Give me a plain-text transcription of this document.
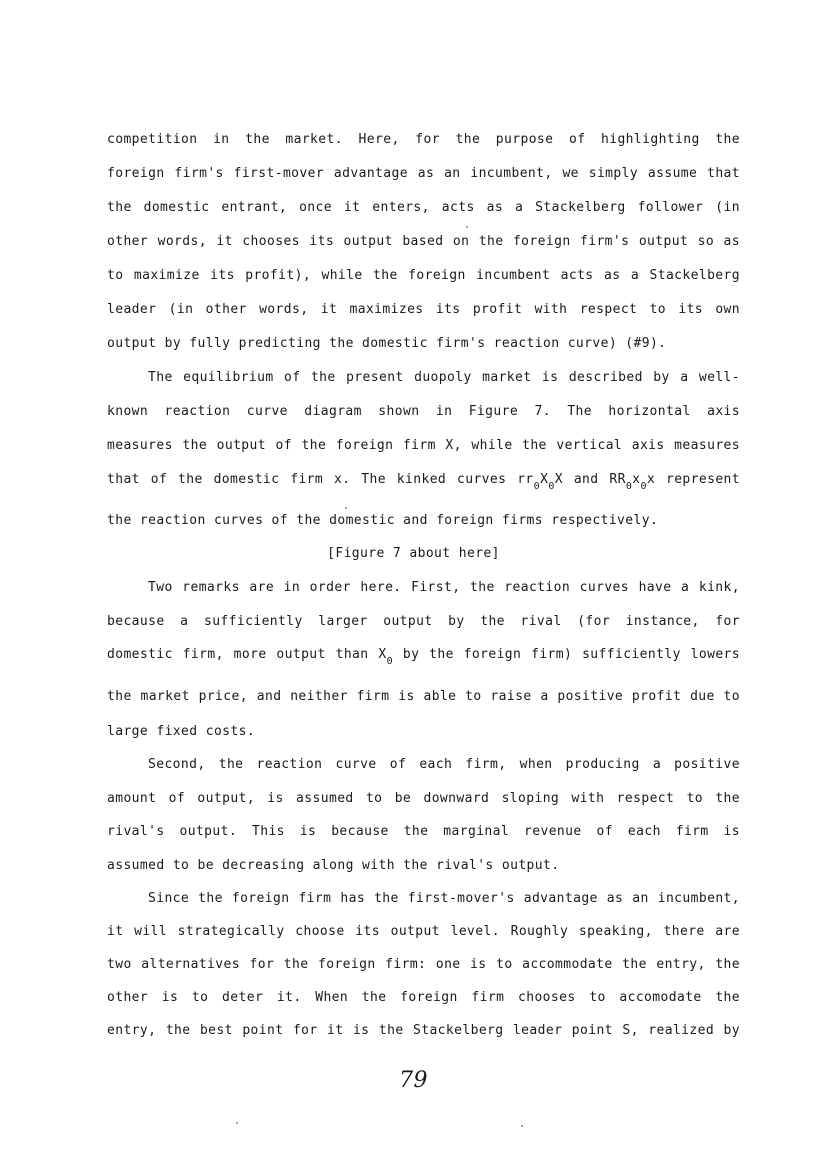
competition in the market. Here, for the purpose of highlighting the
foreign firm's first-mover advantage as an incumbent, we simply assume that
the domestic entrant, once it enters, acts as a Stackelberg follower (in
other words, it chooses its output based on the foreign firm's output so as
to maximize its profit), while the foreign incumbent acts as a Stackelberg
leader (in other words, it maximizes its profit with respect to its own
output by fully predicting the domestic firm's reaction curve) (#9).
The equilibrium of the present duopoly market is described by a well-
known reaction curve diagram shown in Figure 7. The horizontal axis
measures the output of the foreign firm X, while the vertical axis measures
that of the domestic firm x. The kinked curves $rr_0X_0X$ and $RR_0x_0x$ represent
the reaction curves of the domestic and foreign firms respectively.
[Figure 7 about here]
Two remarks are in order here. First, the reaction curves have a kink,
because a sufficiently larger output by the rival (for instance, for
domestic firm, more output than $X_0$ by the foreign firm) sufficiently lowers
the market price, and neither firm is able to raise a positive profit due to
large fixed costs.
Second, the reaction curve of each firm, when producing a positive
amount of output, is assumed to be downward sloping with respect to the
rival's output. This is because the marginal revenue of each firm is
assumed to be decreasing along with the rival's output.
Since the foreign firm has the first-mover's advantage as an incumbent,
it will strategically choose its output level. Roughly speaking, there are
two alternatives for the foreign firm: one is to accommodate the entry, the
other is to deter it. When the foreign firm chooses to accomodate the
entry, the best point for it is the Stackelberg leader point S, realized by
79
